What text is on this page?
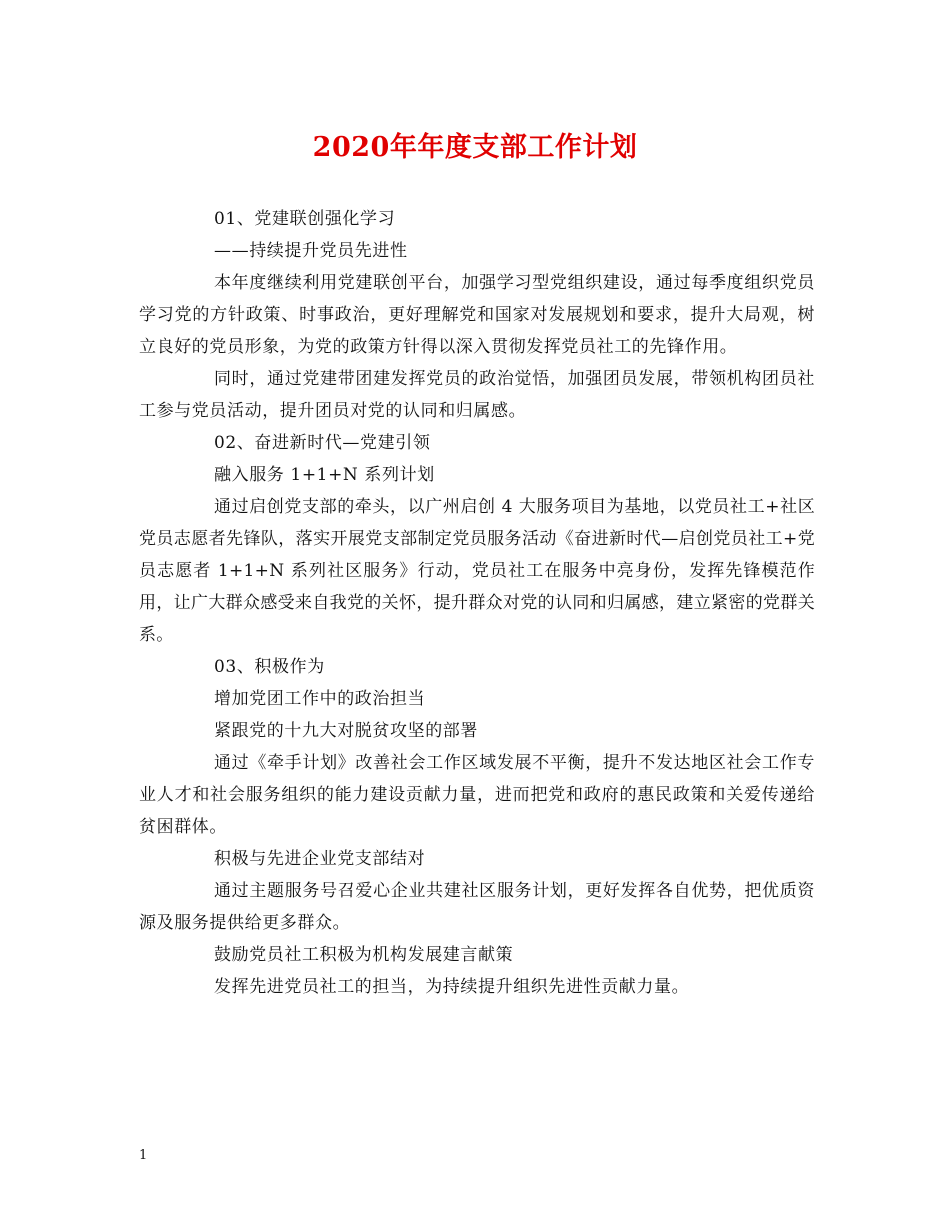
2020年年度支部工作计划

01、党建联创强化学习

——持续提升党员先进性

本年度继续利用党建联创平台，加强学习型党组织建设，通过每季度组织党员学习党的方针政策、时事政治，更好理解党和国家对发展规划和要求，提升大局观，树立良好的党员形象，为党的政策方针得以深入贯彻发挥党员社工的先锋作用。

同时，通过党建带团建发挥党员的政治觉悟，加强团员发展，带领机构团员社工参与党员活动，提升团员对党的认同和归属感。

02、奋进新时代—党建引领

融入服务 1+1+N 系列计划

通过启创党支部的牵头，以广州启创 4 大服务项目为基地，以党员社工+社区党员志愿者先锋队，落实开展党支部制定党员服务活动《奋进新时代—启创党员社工+党员志愿者 1+1+N 系列社区服务》行动，党员社工在服务中亮身份，发挥先锋模范作用，让广大群众感受来自我党的关怀，提升群众对党的认同和归属感，建立紧密的党群关系。

03、积极作为

增加党团工作中的政治担当

紧跟党的十九大对脱贫攻坚的部署

通过《牵手计划》改善社会工作区域发展不平衡，提升不发达地区社会工作专业人才和社会服务组织的能力建设贡献力量，进而把党和政府的惠民政策和关爱传递给贫困群体。

积极与先进企业党支部结对

通过主题服务号召爱心企业共建社区服务计划，更好发挥各自优势，把优质资源及服务提供给更多群众。

鼓励党员社工积极为机构发展建言献策

发挥先进党员社工的担当，为持续提升组织先进性贡献力量。

1
